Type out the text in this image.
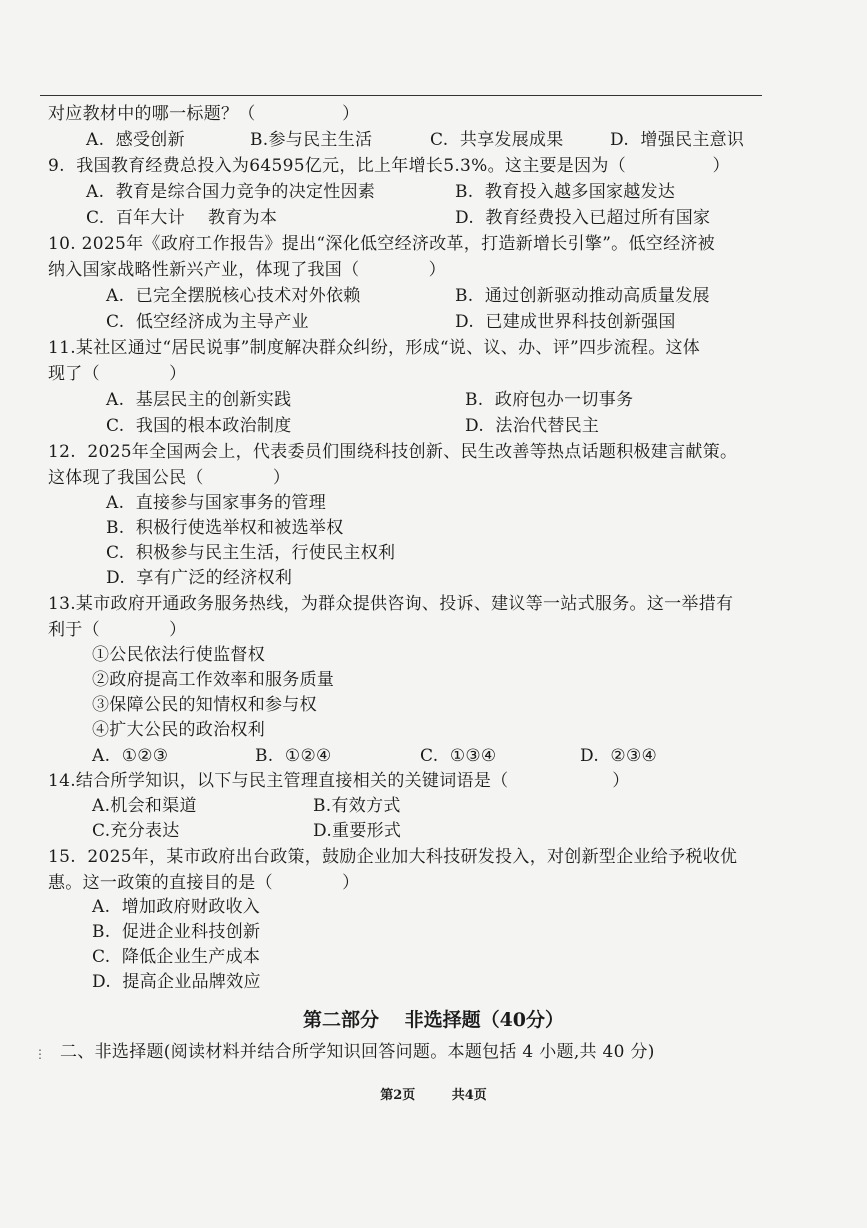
对应教材中的哪一标题？（　　　　　）
A.  感受创新	B.参与民主生活	C.  共享发展成果	D.  增强民主意识
9.  我国教育经费总投入为64595亿元，比上年增长5.3%。这主要是因为（　　　　　）
A.  教育是综合国力竞争的决定性因素	B.  教育投入越多国家越发达
C.  百年大计　 教育为本	D.  教育经费投入已超过所有国家
10. 2025年《政府工作报告》提出“深化低空经济改革，打造新增长引擎”。低空经济被
纳入国家战略性新兴产业，体现了我国（　　　　）
A.  已完全摆脱核心技术对外依赖	B.  通过创新驱动推动高质量发展
C.  低空经济成为主导产业	D.  已建成世界科技创新强国
11.某社区通过“居民说事”制度解决群众纠纷，形成“说、议、办、评”四步流程。这体
现了（　　　　）
A.  基层民主的创新实践	B.  政府包办一切事务
C.  我国的根本政治制度	D.  法治代替民主
12.  2025年全国两会上，代表委员们围绕科技创新、民生改善等热点话题积极建言献策。
这体现了我国公民（　　　　）
A.  直接参与国家事务的管理
B.  积极行使选举权和被选举权
C.  积极参与民主生活，行使民主权利
D.  享有广泛的经济权利
13.某市政府开通政务服务热线，为群众提供咨询、投诉、建议等一站式服务。这一举措有
利于（　　　　）
①公民依法行使监督权
②政府提高工作效率和服务质量
③保障公民的知情权和参与权
④扩大公民的政治权利
A.  ①②③	B.  ①②④	C.  ①③④	D.  ②③④
14.结合所学知识，以下与民主管理直接相关的关键词语是（　　　　　　）
A.机会和渠道	B.有效方式
C.充分表达	D.重要形式
15.  2025年，某市政府出台政策，鼓励企业加大科技研发投入，对创新型企业给予税收优
惠。这一政策的直接目的是（　　　　）
A.  增加政府财政收入
B.  促进企业科技创新
C.  降低企业生产成本
D.  提高企业品牌效应
二、非选择题(阅读材料并结合所学知识回答问题。本题包括 4 小题,共 40 分)
第二部分　 非选择题（40分）
⋮
第2页	共4页
